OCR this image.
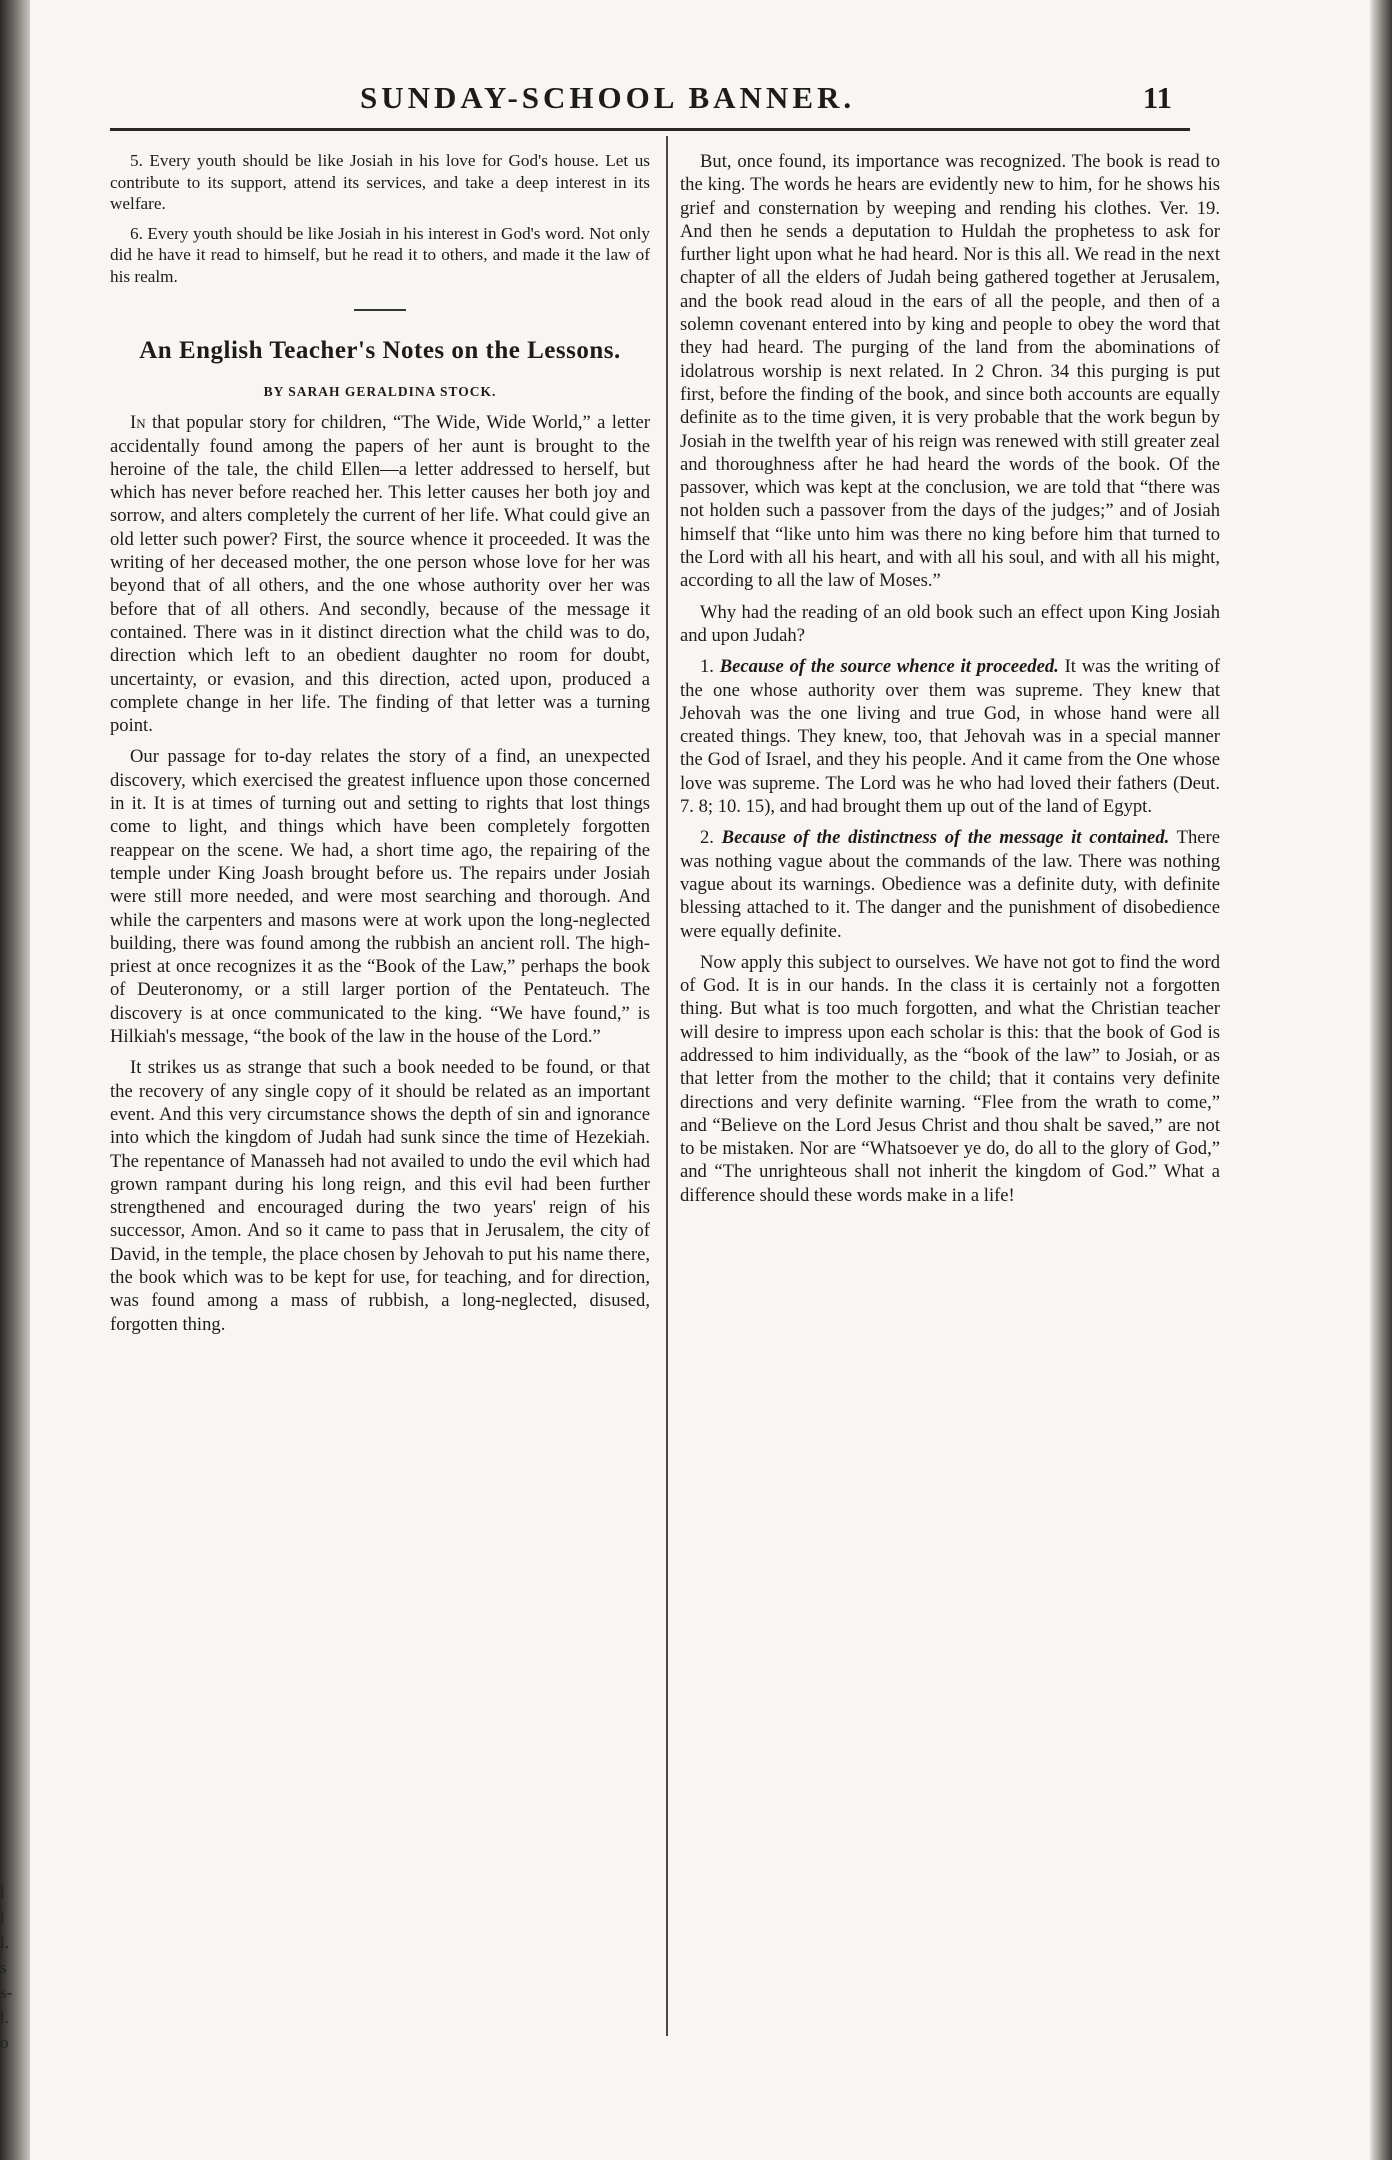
l
l
l.
s
s-
l.
o
SUNDAY-SCHOOL BANNER.	11

5. Every youth should be like Josiah in his love for God's house. Let us contribute to its support, attend its services, and take a deep interest in its welfare.

6. Every youth should be like Josiah in his interest in God's word. Not only did he have it read to himself, but he read it to others, and made it the law of his realm.

An English Teacher's Notes on the Lessons.
BY SARAH GERALDINA STOCK.

In that popular story for children, “The Wide, Wide World,” a letter accidentally found among the papers of her aunt is brought to the heroine of the tale, the child Ellen—a letter addressed to herself, but which has never before reached her. This letter causes her both joy and sorrow, and alters completely the current of her life. What could give an old letter such power? First, the source whence it proceeded. It was the writing of her deceased mother, the one person whose love for her was beyond that of all others, and the one whose authority over her was before that of all others. And secondly, because of the message it contained. There was in it distinct direction what the child was to do, direction which left to an obedient daughter no room for doubt, uncertainty, or evasion, and this direction, acted upon, produced a complete change in her life. The finding of that letter was a turning point.

Our passage for to-day relates the story of a find, an unexpected discovery, which exercised the greatest influence upon those concerned in it. It is at times of turning out and setting to rights that lost things come to light, and things which have been completely forgotten reappear on the scene. We had, a short time ago, the repairing of the temple under King Joash brought before us. The repairs under Josiah were still more needed, and were most searching and thorough. And while the carpenters and masons were at work upon the long-neglected building, there was found among the rubbish an ancient roll. The high-priest at once recognizes it as the “Book of the Law,” perhaps the book of Deuteronomy, or a still larger portion of the Pentateuch. The discovery is at once communicated to the king. “We have found,” is Hilkiah's message, “the book of the law in the house of the Lord.”

It strikes us as strange that such a book needed to be found, or that the recovery of any single copy of it should be related as an important event. And this very circumstance shows the depth of sin and ignorance into which the kingdom of Judah had sunk since the time of Hezekiah. The repentance of Manasseh had not availed to undo the evil which had grown rampant during his long reign, and this evil had been further strengthened and encouraged during the two years' reign of his successor, Amon. And so it came to pass that in Jerusalem, the city of David, in the temple, the place chosen by Jehovah to put his name there, the book which was to be kept for use, for teaching, and for direction, was found among a mass of rubbish, a long-neglected, disused, forgotten thing.

But, once found, its importance was recognized. The book is read to the king. The words he hears are evidently new to him, for he shows his grief and consternation by weeping and rending his clothes. Ver. 19. And then he sends a deputation to Huldah the prophetess to ask for further light upon what he had heard. Nor is this all. We read in the next chapter of all the elders of Judah being gathered together at Jerusalem, and the book read aloud in the ears of all the people, and then of a solemn covenant entered into by king and people to obey the word that they had heard. The purging of the land from the abominations of idolatrous worship is next related. In 2 Chron. 34 this purging is put first, before the finding of the book, and since both accounts are equally definite as to the time given, it is very probable that the work begun by Josiah in the twelfth year of his reign was renewed with still greater zeal and thoroughness after he had heard the words of the book. Of the passover, which was kept at the conclusion, we are told that “there was not holden such a passover from the days of the judges;” and of Josiah himself that “like unto him was there no king before him that turned to the Lord with all his heart, and with all his soul, and with all his might, according to all the law of Moses.”

Why had the reading of an old book such an effect upon King Josiah and upon Judah?

1. Because of the source whence it proceeded. It was the writing of the one whose authority over them was supreme. They knew that Jehovah was the one living and true God, in whose hand were all created things. They knew, too, that Jehovah was in a special manner the God of Israel, and they his people. And it came from the One whose love was supreme. The Lord was he who had loved their fathers (Deut. 7. 8; 10. 15), and had brought them up out of the land of Egypt.

2. Because of the distinctness of the message it contained. There was nothing vague about the commands of the law. There was nothing vague about its warnings. Obedience was a definite duty, with definite blessing attached to it. The danger and the punishment of disobedience were equally definite.

Now apply this subject to ourselves. We have not got to find the word of God. It is in our hands. In the class it is certainly not a forgotten thing. But what is too much forgotten, and what the Christian teacher will desire to impress upon each scholar is this: that the book of God is addressed to him individually, as the “book of the law” to Josiah, or as that letter from the mother to the child; that it contains very definite directions and very definite warning. “Flee from the wrath to come,” and “Believe on the Lord Jesus Christ and thou shalt be saved,” are not to be mistaken. Nor are “Whatsoever ye do, do all to the glory of God,” and “The unrighteous shall not inherit the kingdom of God.” What a difference should these words make in a life!
